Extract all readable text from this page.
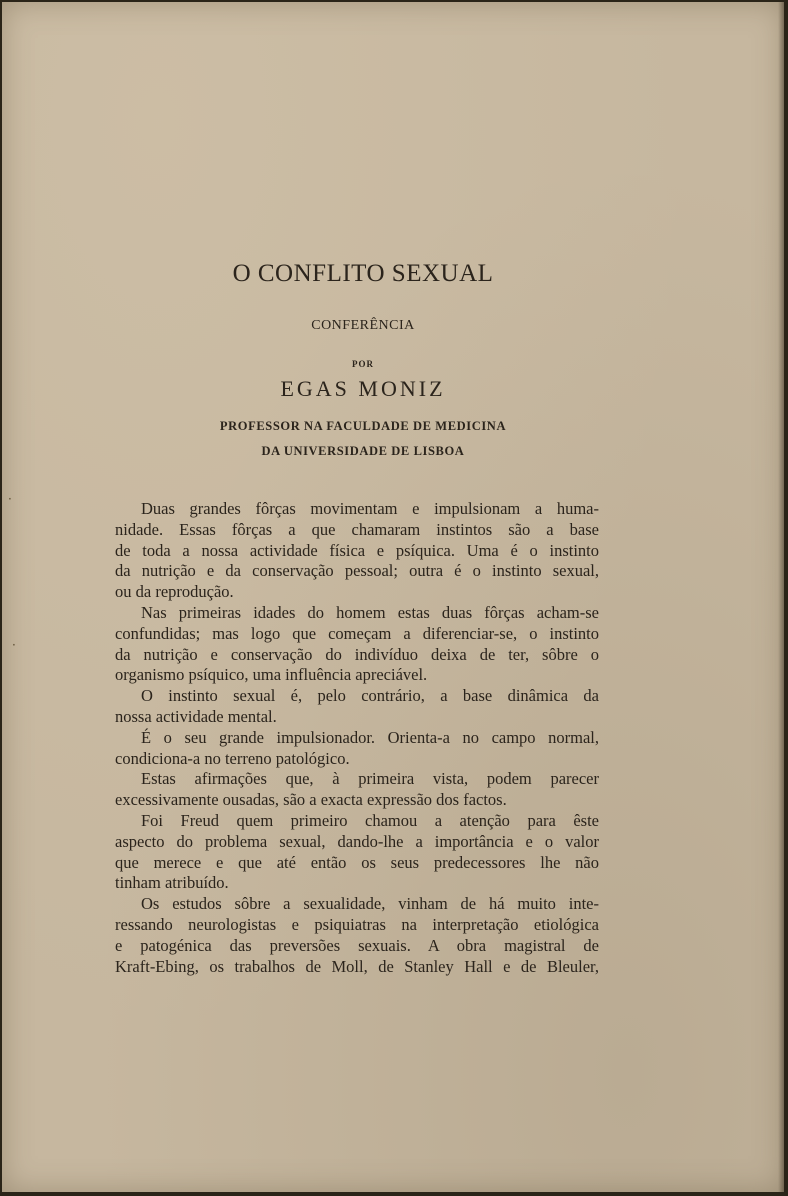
·
·
O CONFLITO SEXUAL
CONFERÊNCIA
POR
EGAS MONIZ
PROFESSOR NA FACULDADE DE MEDICINA
DA UNIVERSIDADE DE LISBOA
Duas grandes fôrças movimentam e impulsionam a huma-
nidade. Essas fôrças a que chamaram instintos são a base
de toda a nossa actividade física e psíquica. Uma é o instinto
da nutrição e da conservação pessoal; outra é o instinto sexual,
ou da reprodução.
Nas primeiras idades do homem estas duas fôrças acham-se
confundidas; mas logo que começam a diferenciar-se, o instinto
da nutrição e conservação do indivíduo deixa de ter, sôbre o
organismo psíquico, uma influência apreciável.
O instinto sexual é, pelo contrário, a base dinâmica da
nossa actividade mental.
É o seu grande impulsionador. Orienta-a no campo normal,
condiciona-a no terreno patológico.
Estas afirmações que, à primeira vista, podem parecer
excessivamente ousadas, são a exacta expressão dos factos.
Foi Freud quem primeiro chamou a atenção para êste
aspecto do problema sexual, dando-lhe a importância e o valor
que merece e que até então os seus predecessores lhe não
tinham atribuído.
Os estudos sôbre a sexualidade, vinham de há muito inte-
ressando neurologistas e psiquiatras na interpretação etiológica
e patogénica das preversões sexuais. A obra magistral de
Kraft-Ebing, os trabalhos de Moll, de Stanley Hall e de Bleuler,
